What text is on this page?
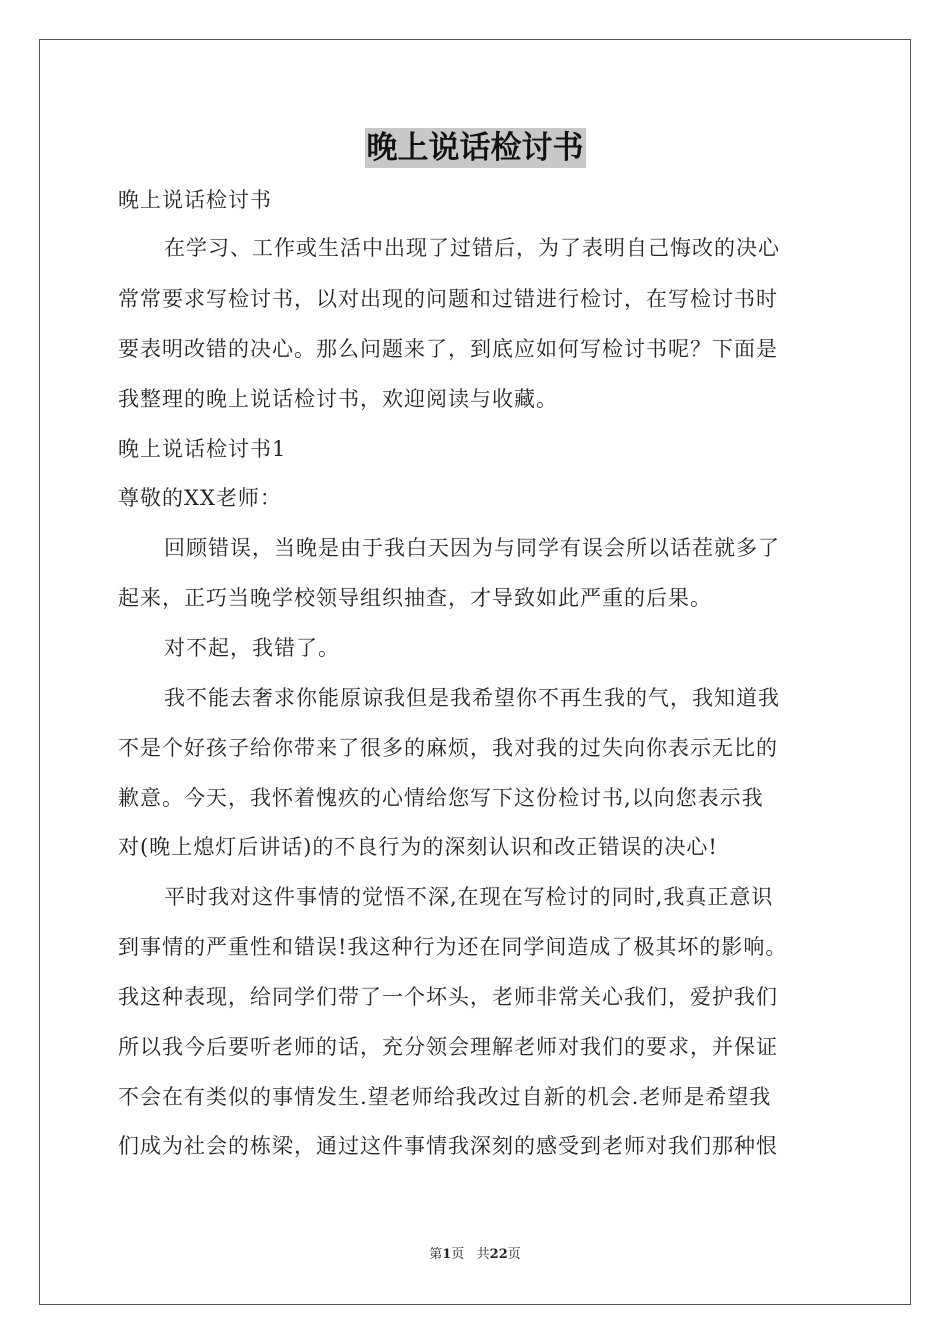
晚上说话检讨书
晚上说话检讨书
在学习、工作或生活中出现了过错后，为了表明自己悔改的决心
常常要求写检讨书，以对出现的问题和过错进行检讨，在写检讨书时
要表明改错的决心。那么问题来了，到底应如何写检讨书呢？下面是
我整理的晚上说话检讨书，欢迎阅读与收藏。
晚上说话检讨书1
尊敬的XX老师：
回顾错误，当晚是由于我白天因为与同学有误会所以话茬就多了
起来，正巧当晚学校领导组织抽查，才导致如此严重的后果。
对不起，我错了。
我不能去奢求你能原谅我但是我希望你不再生我的气，我知道我
不是个好孩子给你带来了很多的麻烦，我对我的过失向你表示无比的
歉意。今天，我怀着愧疚的心情给您写下这份检讨书,以向您表示我
对(晚上熄灯后讲话)的不良行为的深刻认识和改正错误的决心!
平时我对这件事情的觉悟不深,在现在写检讨的同时,我真正意识
到事情的严重性和错误!我这种行为还在同学间造成了极其坏的影响。
我这种表现，给同学们带了一个坏头，老师非常关心我们，爱护我们
所以我今后要听老师的话，充分领会理解老师对我们的要求，并保证
不会在有类似的事情发生.望老师给我改过自新的机会.老师是希望我
们成为社会的栋梁，通过这件事情我深刻的感受到老师对我们那种恨
第1页   共22页
